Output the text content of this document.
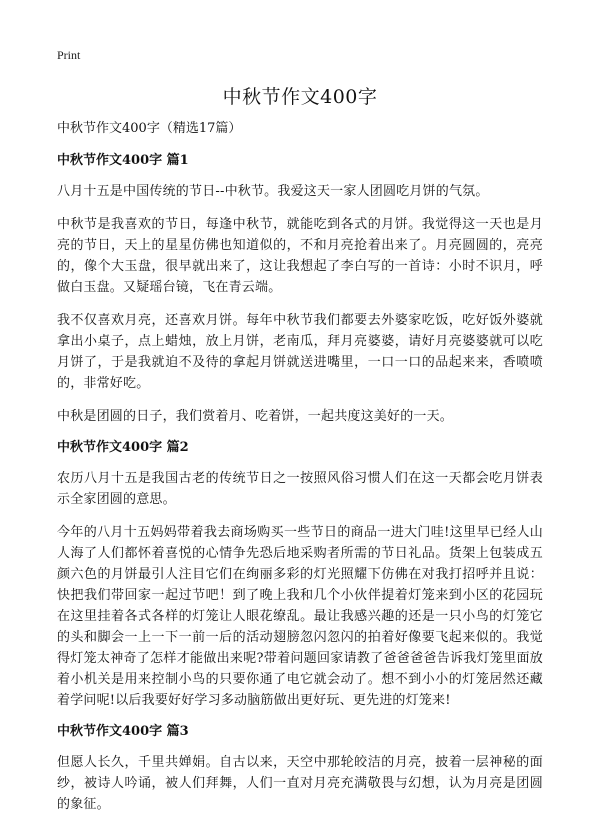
Print
中秋节作文400字

中秋节作文400字（精选17篇）

中秋节作文400字 篇1

八月十五是中国传统的节日--中秋节。我爱这天一家人团圆吃月饼的气氛。

中秋节是我喜欢的节日，每逢中秋节，就能吃到各式的月饼。我觉得这一天也是月亮的节日，天上的星星仿佛也知道似的，不和月亮抢着出来了。月亮圆圆的，亮亮的，像个大玉盘，很早就出来了，这让我想起了李白写的一首诗：小时不识月，呼做白玉盘。又疑瑶台镜，飞在青云端。

我不仅喜欢月亮，还喜欢月饼。每年中秋节我们都要去外婆家吃饭，吃好饭外婆就拿出小桌子，点上蜡烛，放上月饼，老南瓜，拜月亮婆婆，请好月亮婆婆就可以吃月饼了，于是我就迫不及待的拿起月饼就送进嘴里，一口一口的品起来来，香喷喷的，非常好吃。

中秋是团圆的日子，我们赏着月、吃着饼，一起共度这美好的一天。

中秋节作文400字 篇2

农历八月十五是我国古老的传统节日之一按照风俗习惯人们在这一天都会吃月饼表示全家团圆的意思。

今年的八月十五妈妈带着我去商场购买一些节日的商品一进大门哇!这里早已经人山人海了人们都怀着喜悦的心情争先恐后地采购者所需的节日礼品。货架上包装成五颜六色的月饼最引人注目它们在绚丽多彩的灯光照耀下仿佛在对我打招呼并且说：快把我们带回家一起过节吧！到了晚上我和几个小伙伴提着灯笼来到小区的花园玩在这里挂着各式各样的灯笼让人眼花缭乱。最让我感兴趣的还是一只小鸟的灯笼它的头和脚会一上一下一前一后的活动翅膀忽闪忽闪的拍着好像要飞起来似的。我觉得灯笼太神奇了怎样才能做出来呢?带着问题回家请教了爸爸爸爸告诉我灯笼里面放着小机关是用来控制小鸟的只要你通了电它就会动了。想不到小小的灯笼居然还藏着学问呢!以后我要好好学习多动脑筋做出更好玩、更先进的灯笼来!

中秋节作文400字 篇3

但愿人长久，千里共婵娟。自古以来，天空中那轮皎洁的月亮，披着一层神秘的面纱，被诗人吟诵，被人们拜舞，人们一直对月亮充满敬畏与幻想，认为月亮是团圆的象征。
